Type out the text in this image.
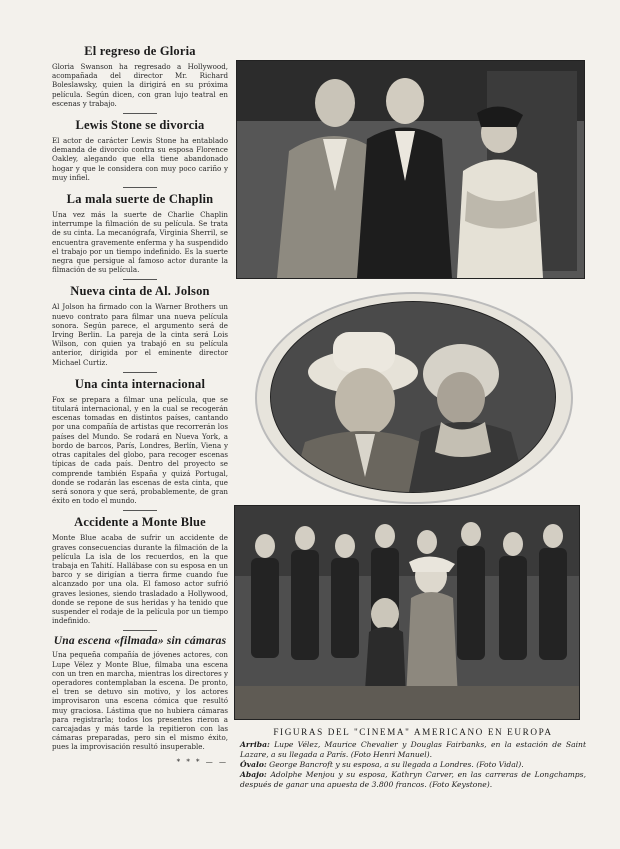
El regreso de Gloria

Gloria Swanson ha regresado a Hollywood, acompañada del director Mr. Richard Boleslawsky, quien la dirigirá en su próxima película. Según dicen, con gran lujo teatral en escenas y trabajo.

Lewis Stone se divorcia

El actor de carácter Lewis Stone ha entablado demanda de divorcio contra su esposa Florence Oakley, alegando que ella tiene abandonado hogar y que le considera con muy poco cariño y muy infiel.

La mala suerte de Chaplin

Una vez más la suerte de Charlie Chaplin interrumpe la filmación de su película. Se trata de su cinta. La mecanógrafa, Virginia Sherril, se encuentra gravemente enferma y ha suspendido el trabajo por un tiempo indefinido. Es la suerte negra que persigue al famoso actor durante la filmación de su película.

Nueva cinta de Al. Jolson

Al Jolson ha firmado con la Warner Brothers un nuevo contrato para filmar una nueva película sonora. Según parece, el argumento será de Irving Berlin. La pareja de la cinta será Lois Wilson, con quien ya trabajó en su película anterior, dirigida por el eminente director Michael Curtiz.

Una cinta internacional

Fox se prepara a filmar una película, que se titulará internacional, y en la cual se recogerán escenas tomadas en distintos países, cantando por una compañía de artistas que recorrerán los países del Mundo. Se rodará en Nueva York, a bordo de barcos, París, Londres, Berlín, Viena y otras capitales del globo, para recoger escenas típicas de cada país. Dentro del proyecto se comprende también España y quizá Portugal, donde se rodarán las escenas de esta cinta, que será sonora y que será, probablemente, de gran éxito en todo el mundo.

Accidente a Monte Blue

Monte Blue acaba de sufrir un accidente de graves consecuencias durante la filmación de la película La isla de los recuerdos, en la que trabaja en Tahití. Hallábase con su esposa en un barco y se dirigían a tierra firme cuando fue alcanzado por una ola. El famoso actor sufrió graves lesiones, siendo trasladado a Hollywood, donde se repone de sus heridas y ha tenido que suspender el rodaje de la película por un tiempo indefinido.

Una escena «filmada» sin cámaras

Una pequeña compañía de jóvenes actores, con Lupe Vélez y Monte Blue, filmaba una escena con un tren en marcha, mientras los directores y operadores contemplaban la escena. De pronto, el tren se detuvo sin motivo, y los actores improvisaron una escena cómica que resultó muy graciosa. Lástima que no hubiera cámaras para registrarla; todos los presentes rieron a carcajadas y más tarde la repitieron con las cámaras preparadas, pero sin el mismo éxito, pues la improvisación resultó insuperable.

* * * — —

FIGURAS DEL "CINEMA" AMERICANO EN EUROPA

Arriba: Lupe Vélez, Maurice Chevalier y Douglas Fairbanks, en la estación de Saint Lazare, a su llegada a París. (Foto Henri Manuel).

Óvalo: George Bancroft y su esposa, a su llegada a Londres. (Foto Vidal).

Abajo: Adolphe Menjou y su esposa, Kathryn Carver, en las carreras de Longchamps, después de ganar una apuesta de 3.800 francos. (Foto Keystone).
